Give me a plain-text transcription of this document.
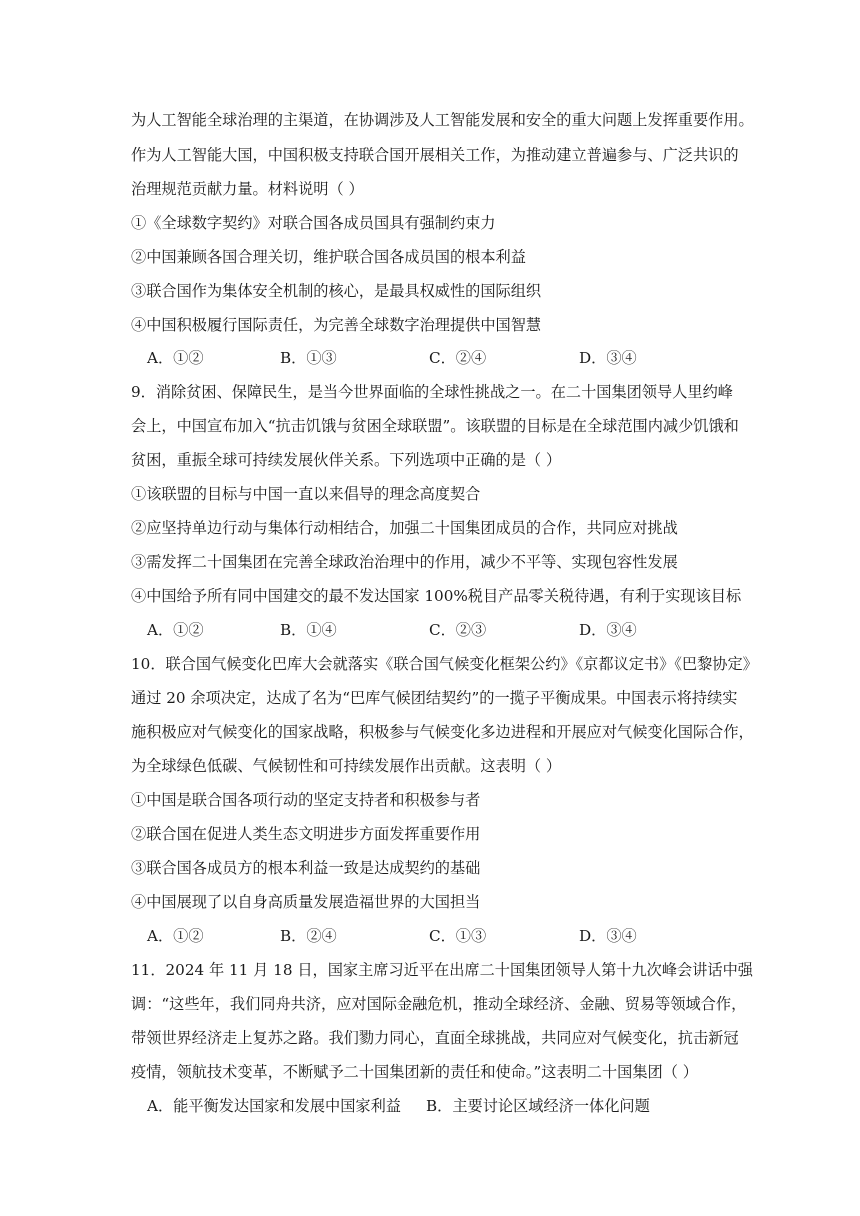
为人工智能全球治理的主渠道，在协调涉及人工智能发展和安全的重大问题上发挥重要作用。
作为人工智能大国，中国积极支持联合国开展相关工作，为推动建立普遍参与、广泛共识的
治理规范贡献力量。材料说明（ ）
①《全球数字契约》对联合国各成员国具有强制约束力
②中国兼顾各国合理关切，维护联合国各成员国的根本利益
③联合国作为集体安全机制的核心，是最具权威性的国际组织
④中国积极履行国际责任，为完善全球数字治理提供中国智慧
A．①②	B．①③	C．②④	D．③④
9．消除贫困、保障民生，是当今世界面临的全球性挑战之一。在二十国集团领导人里约峰
会上，中国宣布加入“抗击饥饿与贫困全球联盟”。该联盟的目标是在全球范围内减少饥饿和
贫困，重振全球可持续发展伙伴关系。下列选项中正确的是（ ）
①该联盟的目标与中国一直以来倡导的理念高度契合
②应坚持单边行动与集体行动相结合，加强二十国集团成员的合作，共同应对挑战
③需发挥二十国集团在完善全球政治治理中的作用，减少不平等、实现包容性发展
④中国给予所有同中国建交的最不发达国家 100%税目产品零关税待遇，有利于实现该目标
A．①②	B．①④	C．②③	D．③④
10．联合国气候变化巴库大会就落实《联合国气候变化框架公约》《京都议定书》《巴黎协定》
通过 20 余项决定，达成了名为“巴库气候团结契约”的一揽子平衡成果。中国表示将持续实
施积极应对气候变化的国家战略，积极参与气候变化多边进程和开展应对气候变化国际合作，
为全球绿色低碳、气候韧性和可持续发展作出贡献。这表明（ ）
①中国是联合国各项行动的坚定支持者和积极参与者
②联合国在促进人类生态文明进步方面发挥重要作用
③联合国各成员方的根本利益一致是达成契约的基础
④中国展现了以自身高质量发展造福世界的大国担当
A．①②	B．②④	C．①③	D．③④
11．2024 年 11 月 18 日，国家主席习近平在出席二十国集团领导人第十九次峰会讲话中强
调：“这些年，我们同舟共济，应对国际金融危机，推动全球经济、金融、贸易等领域合作，
带领世界经济走上复苏之路。我们勠力同心，直面全球挑战，共同应对气候变化，抗击新冠
疫情，领航技术变革，不断赋予二十国集团新的责任和使命。”这表明二十国集团（ ）
A．能平衡发达国家和发展中国家利益 B．主要讨论区域经济一体化问题
